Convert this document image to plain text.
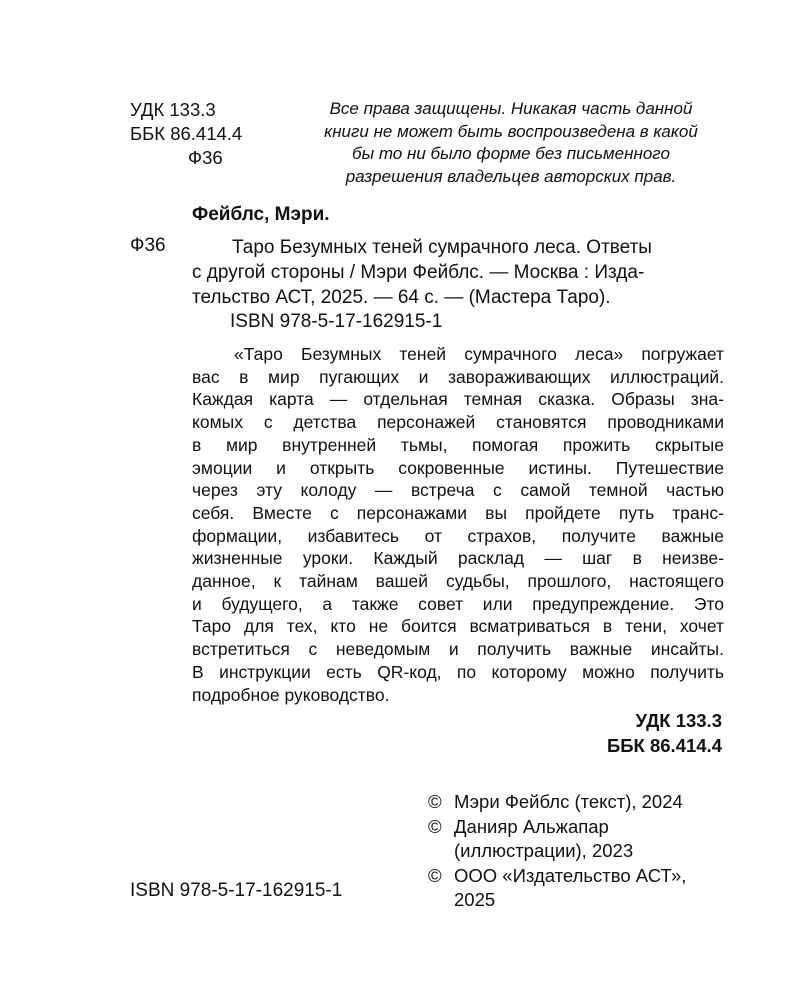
УДК 133.3
ББК 86.414.4
Ф36
Все права защищены. Никакая часть данной
книги не может быть воспроизведена в какой
бы то ни было форме без письменного
разрешения владельцев авторских прав.
Фейблс, Мэри.
Ф36	Таро Безумных теней сумрачного леса. Ответы
с другой стороны / Мэри Фейблс. — Москва : Изда-
тельство АСТ, 2025. — 64 с. — (Мастера Таро).
ISBN 978-5-17-162915-1
«Таро Безумных теней сумрачного леса» погружает
вас в мир пугающих и завораживающих иллюстраций.
Каждая карта — отдельная темная сказка. Образы зна-
комых с детства персонажей становятся проводниками
в мир внутренней тьмы, помогая прожить скрытые
эмоции и открыть сокровенные истины. Путешествие
через эту колоду — встреча с самой темной частью
себя. Вместе с персонажами вы пройдете путь транс-
формации, избавитесь от страхов, получите важные
жизненные уроки. Каждый расклад — шаг в неизве-
данное, к тайнам вашей судьбы, прошлого, настоящего
и будущего, а также совет или предупреждение. Это
Таро для тех, кто не боится всматриваться в тени, хочет
встретиться с неведомым и получить важные инсайты.
В инструкции есть QR-код, по которому можно получить
подробное руководство.
УДК 133.3
ББК 86.414.4
© Мэри Фейблс (текст), 2024
© Данияр Альжапар
(иллюстрации), 2023
© ООО «Издательство АСТ»,
2025
ISBN 978-5-17-162915-1
